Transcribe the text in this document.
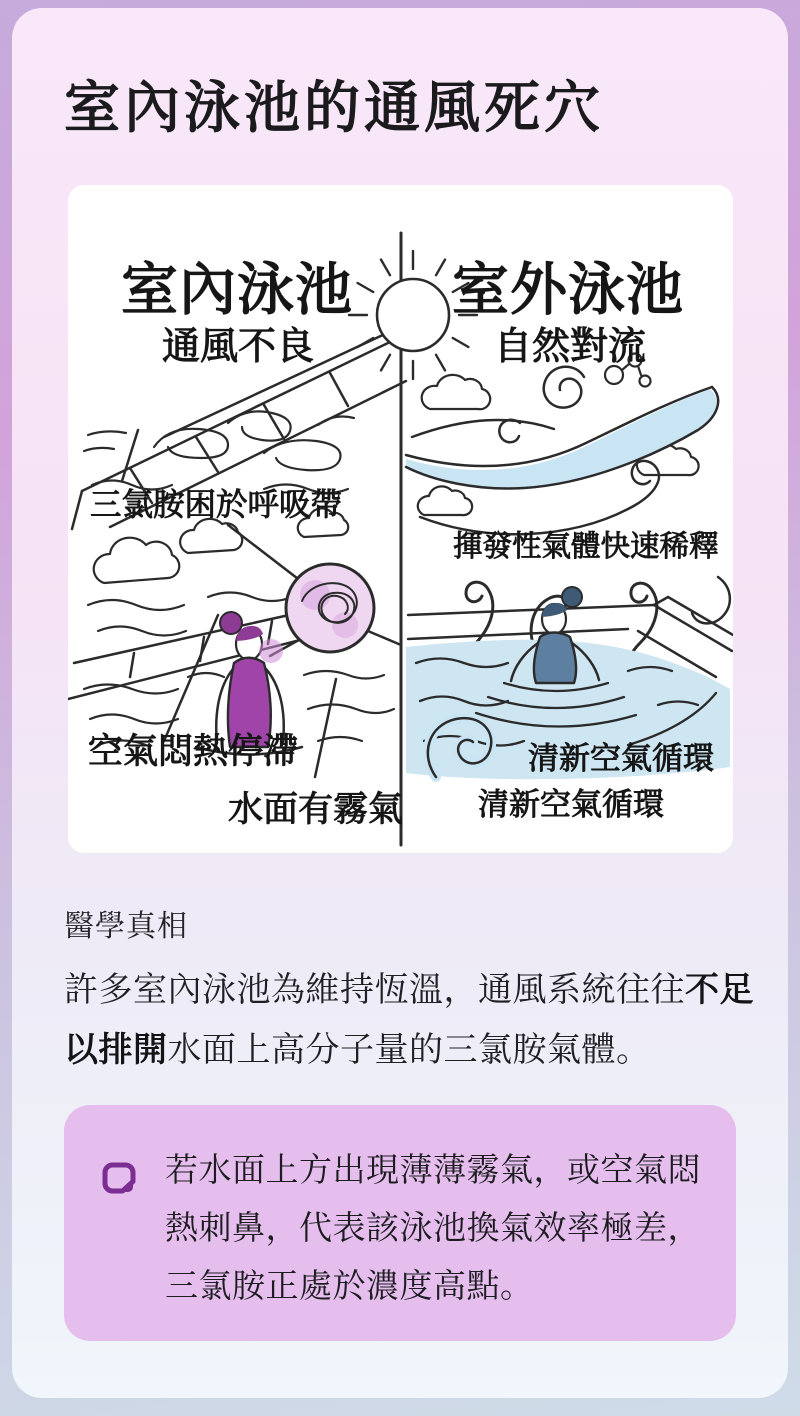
室內泳池的通風死穴
室內泳池
通風不良
三氯胺困於呼吸帶
空氣悶熱停滯
水面有霧氣
室外泳池
自然對流
揮發性氣體快速稀釋
清新空氣循環
清新空氣循環
醫學真相

許多室內泳池為維持恆溫，通風系統往往不足以排開水面上高分子量的三氯胺氣體。

若水面上方出現薄薄霧氣，或空氣悶熱刺鼻，代表該泳池換氣效率極差，三氯胺正處於濃度高點。
